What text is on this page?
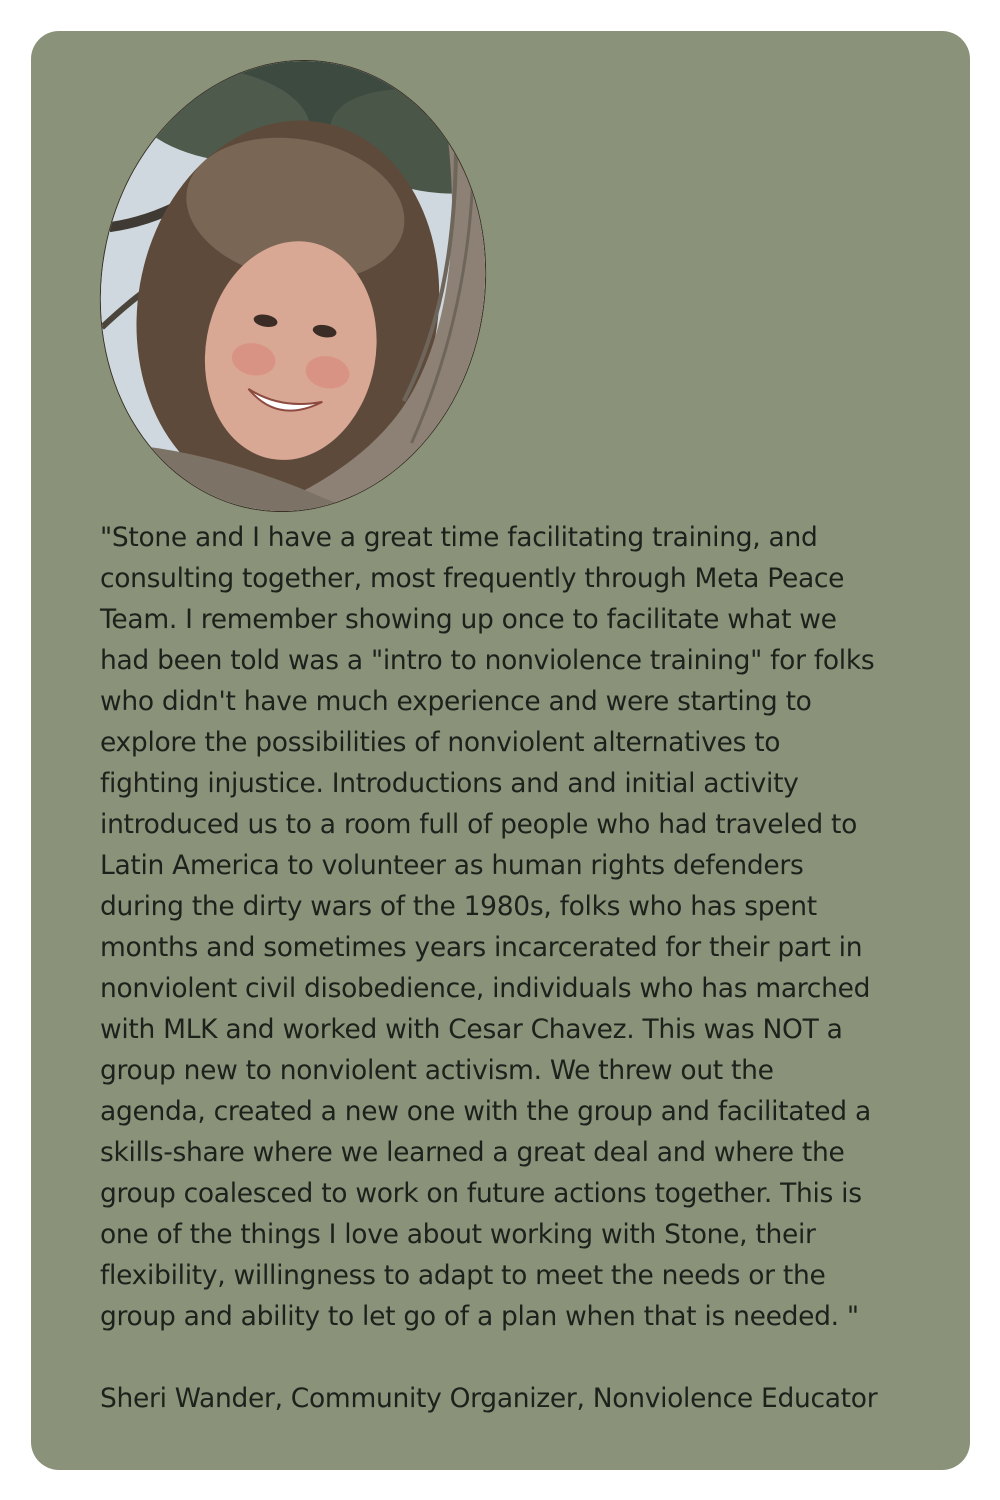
"Stone and I have a great time facilitating training, and
consulting together, most frequently through Meta Peace
Team. I remember showing up once to facilitate what we
had been told was a "intro to nonviolence training" for folks
who didn't have much experience and were starting to
explore the possibilities of nonviolent alternatives to
fighting injustice. Introductions and and initial activity
introduced us to a room full of people who had traveled to
Latin America to volunteer as human rights defenders
during the dirty wars of the 1980s, folks who has spent
months and sometimes years incarcerated for their part in
nonviolent civil disobedience, individuals who has marched
with MLK and worked with Cesar Chavez. This was NOT a
group new to nonviolent activism. We threw out the
agenda, created a new one with the group and facilitated a
skills-share where we learned a great deal and where the
group coalesced to work on future actions together. This is
one of the things I love about working with Stone, their
flexibility, willingness to adapt to meet the needs or the
group and ability to let go of a plan when that is needed. "

Sheri Wander, Community Organizer, Nonviolence Educator
